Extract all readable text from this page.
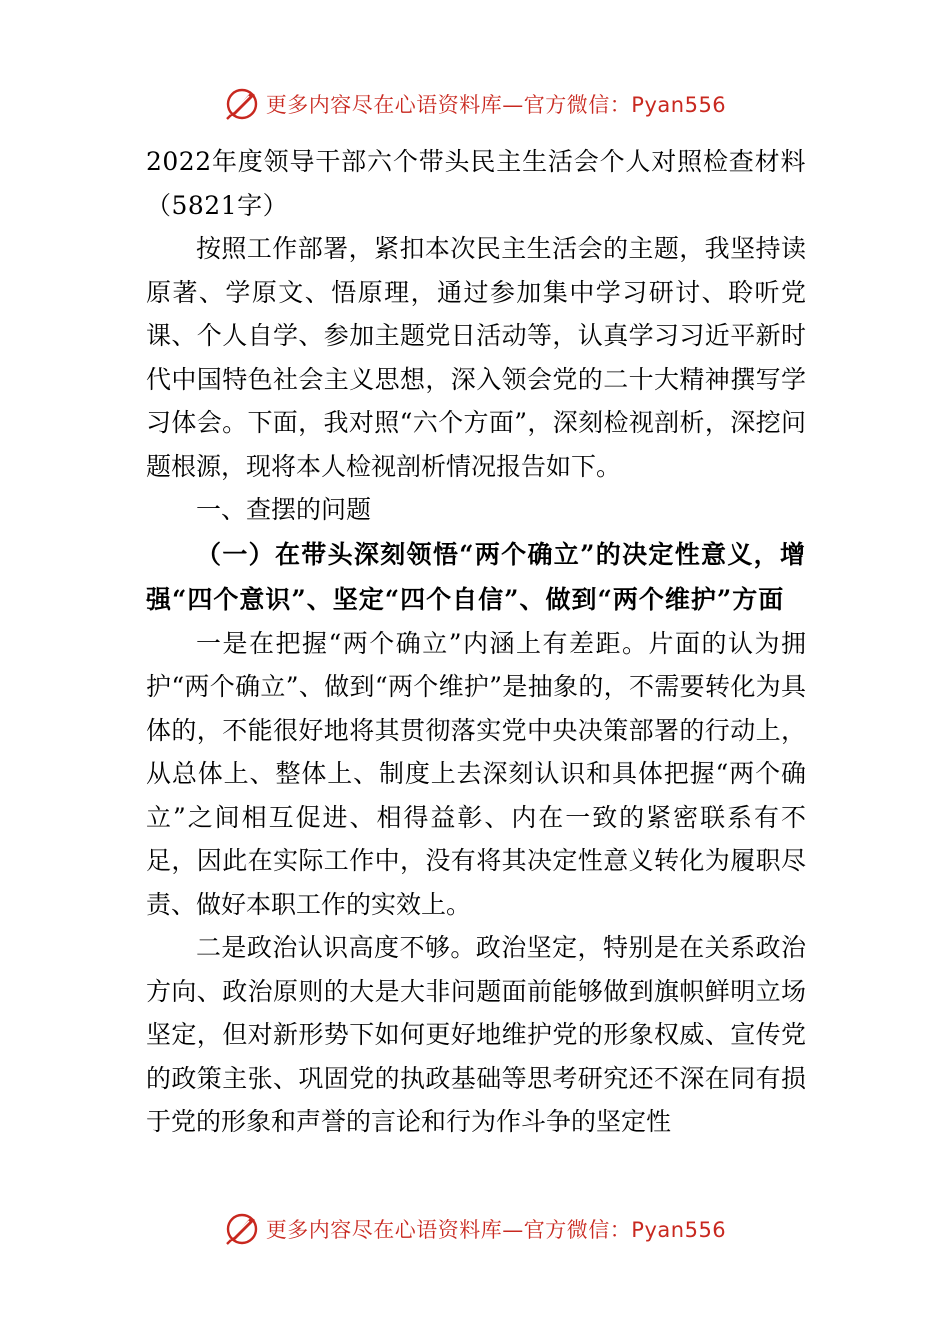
更多内容尽在心语资料库—官方微信：Pyan556

2022年度领导干部六个带头民主生活会个人对照检查材料（5821字）

按照工作部署，紧扣本次民主生活会的主题，我坚持读原著、学原文、悟原理，通过参加集中学习研讨、聆听党课、个人自学、参加主题党日活动等，认真学习习近平新时代中国特色社会主义思想，深入领会党的二十大精神撰写学习体会。下面，我对照“六个方面”，深刻检视剖析，深挖问题根源，现将本人检视剖析情况报告如下。

一、查摆的问题

（一）在带头深刻领悟“两个确立”的决定性意义，增强“四个意识”、坚定“四个自信”、做到“两个维护”方面

一是在把握“两个确立”内涵上有差距。片面的认为拥护“两个确立”、做到“两个维护”是抽象的，不需要转化为具体的，不能很好地将其贯彻落实党中央决策部署的行动上，从总体上、整体上、制度上去深刻认识和具体把握“两个确立”之间相互促进、相得益彰、内在一致的紧密联系有不足，因此在实际工作中，没有将其决定性意义转化为履职尽责、做好本职工作的实效上。

二是政治认识高度不够。政治坚定，特别是在关系政治方向、政治原则的大是大非问题面前能够做到旗帜鲜明立场坚定，但对新形势下如何更好地维护党的形象权威、宣传党的政策主张、巩固党的执政基础等思考研究还不深在同有损于党的形象和声誉的言论和行为作斗争的坚定性

更多内容尽在心语资料库—官方微信：Pyan556
